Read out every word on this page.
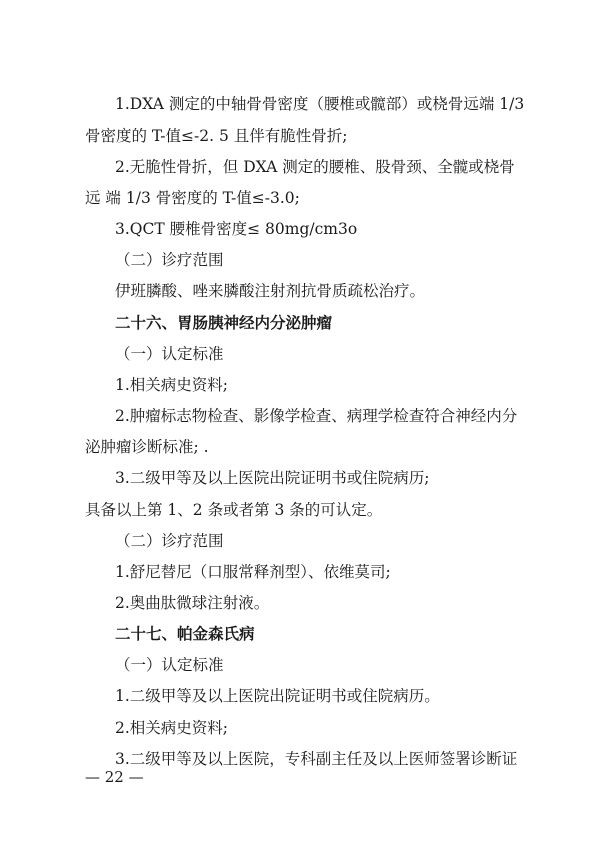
1.DXA 测定的中轴骨骨密度（腰椎或髋部）或桡骨远端 1/3

骨密度的 T-值≤-2. 5 且伴有脆性骨折;

2.无脆性骨折，但 DXA 测定的腰椎、股骨颈、全髋或桡骨

远 端 1/3 骨密度的 T-值≤-3.0;

3.QCT 腰椎骨密度≤ 80mg/cm3o

（二）诊疗范围

伊班膦酸、唑来膦酸注射剂抗骨质疏松治疗。

二十六、胃肠胰神经内分泌肿瘤

（一）认定标准

1.相关病史资料;

2.肿瘤标志物检查、影像学检查、病理学检查符合神经内分

泌肿瘤诊断标准; .

3.二级甲等及以上医院出院证明书或住院病历;

具备以上第 1、2 条或者第 3 条的可认定。

（二）诊疗范围

1.舒尼替尼（口服常释剂型）、依维莫司;

2.奥曲肽微球注射液。

二十七、帕金森氏病

（一）认定标准

1.二级甲等及以上医院出院证明书或住院病历。

2.相关病史资料;

3.二级甲等及以上医院，专科副主任及以上医师签署诊断证

— 22 —
